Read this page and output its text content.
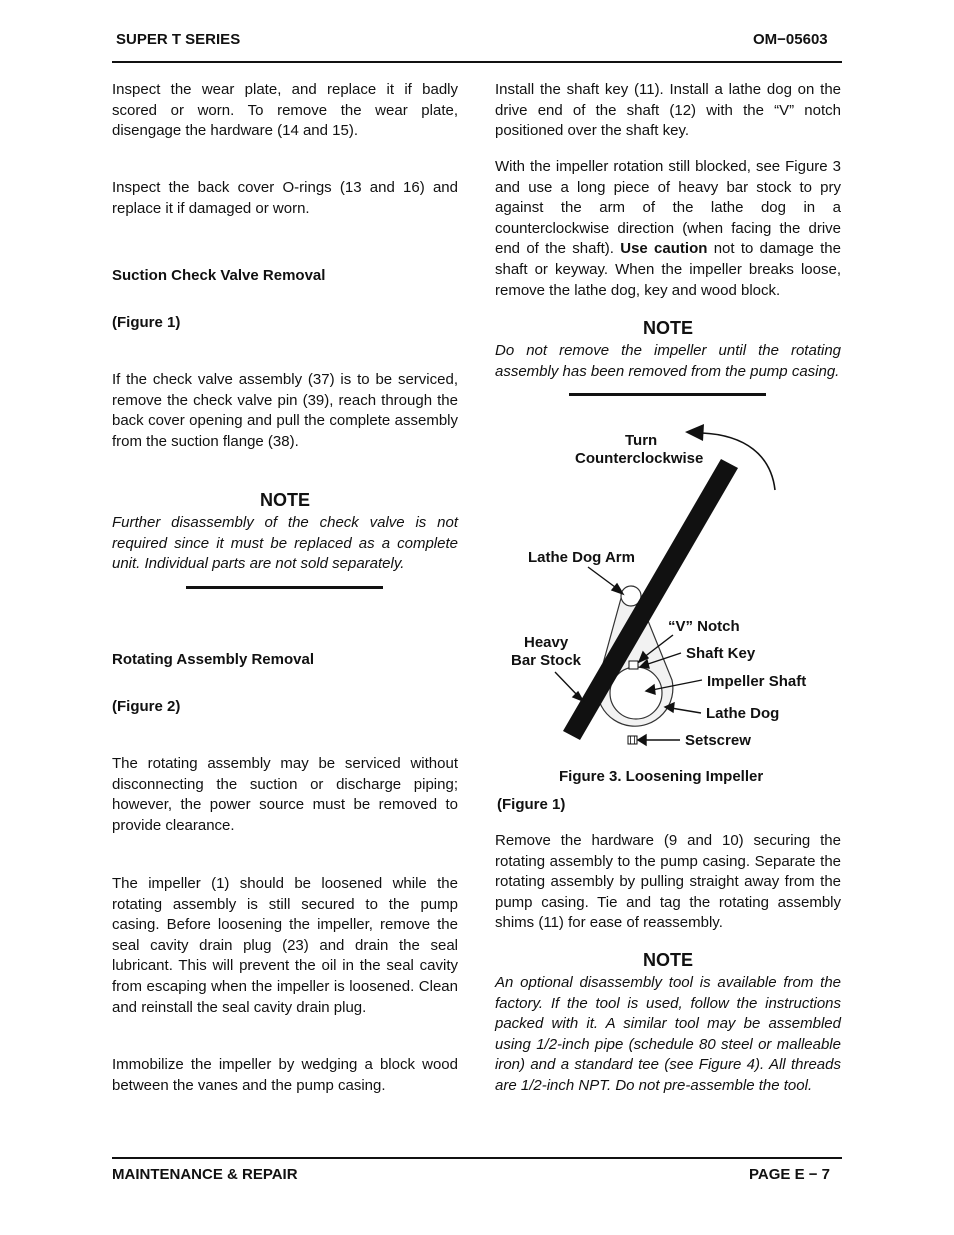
SUPER T SERIES	OM−05603

Inspect the wear plate, and replace it if badly scored or worn. To remove the wear plate, disengage the hardware (14 and 15).

Inspect the back cover O-rings (13 and 16) and replace it if damaged or worn.

Suction Check Valve Removal

(Figure 1)

If the check valve assembly (37) is to be serviced, remove the check valve pin (39), reach through the back cover opening and pull the complete assembly from the suction flange (38).

NOTE

Further disassembly of the check valve is not required since it must be replaced as a complete unit. Individual parts are not sold separately.

Rotating Assembly Removal

(Figure 2)

The rotating assembly may be serviced without disconnecting the suction or discharge piping; however, the power source must be removed to provide clearance.

The impeller (1) should be loosened while the rotating assembly is still secured to the pump casing. Before loosening the impeller, remove the seal cavity drain plug (23) and drain the seal lubricant. This will prevent the oil in the seal cavity from escaping when the impeller is loosened. Clean and reinstall the seal cavity drain plug.

Immobilize the impeller by wedging a block wood between the vanes and the pump casing.

Install the shaft key (11). Install a lathe dog on the drive end of the shaft (12) with the “V” notch positioned over the shaft key.

With the impeller rotation still blocked, see Figure 3 and use a long piece of heavy bar stock to pry against the arm of the lathe dog in a counterclockwise direction (when facing the drive end of the shaft). Use caution not to damage the shaft or keyway. When the impeller breaks loose, remove the lathe dog, key and wood block.

NOTE

Do not remove the impeller until the rotating assembly has been removed from the pump casing.

Turn
Counterclockwise
Lathe Dog Arm
“V” Notch
Heavy
Bar Stock	Shaft Key
Impeller Shaft
Lathe Dog
Setscrew
Figure 3. Loosening Impeller

(Figure 1)

Remove the hardware (9 and 10) securing the rotating assembly to the pump casing. Separate the rotating assembly by pulling straight away from the pump casing. Tie and tag the rotating assembly shims (11) for ease of reassembly.

NOTE

An optional disassembly tool is available from the factory. If the tool is used, follow the instructions packed with it. A similar tool may be assembled using 1/2-inch pipe (schedule 80 steel or malleable iron) and a standard tee (see Figure 4). All threads are 1/2-inch NPT. Do not pre-assemble the tool.

MAINTENANCE & REPAIR	PAGE E − 7
